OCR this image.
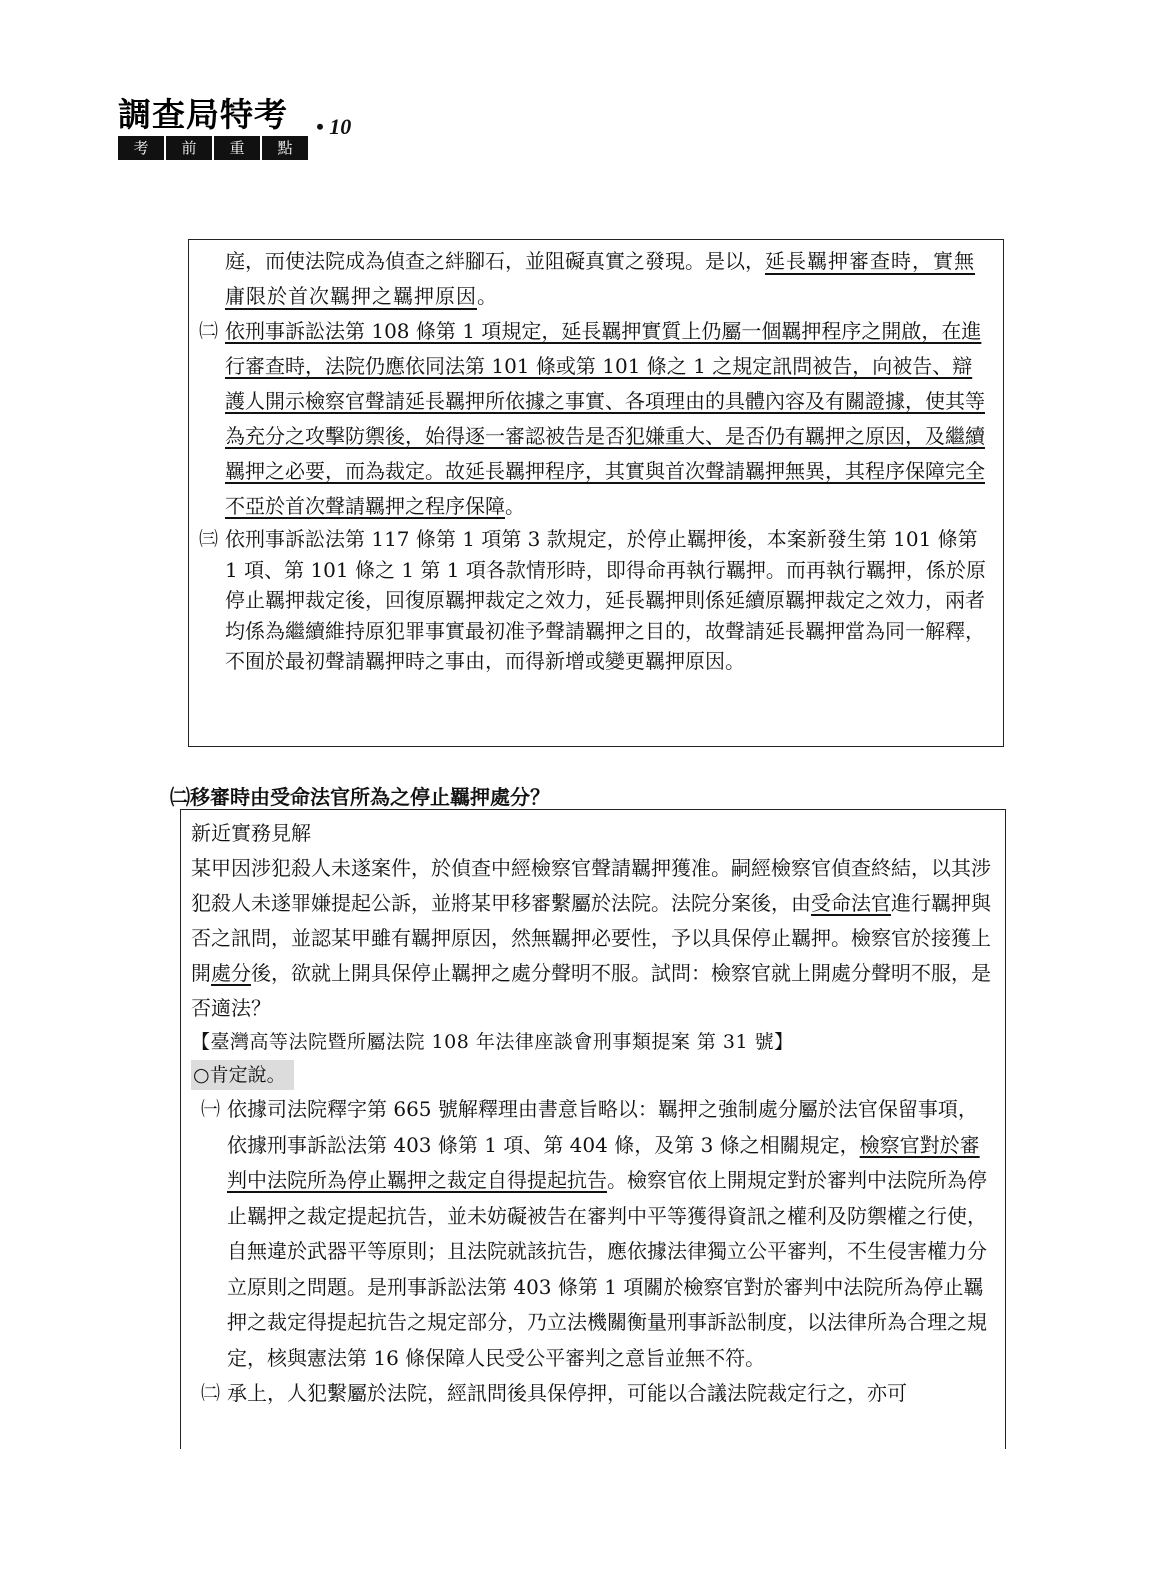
調查局特考
考	前	重	點
• 10
庭，而使法院成為偵查之絆腳石，並阻礙真實之發現。是以，延長羈押審查時，實無庸限於首次羈押之羈押原因。
㈡ 依刑事訴訟法第 108 條第 1 項規定，延長羈押實質上仍屬一個羈押程序之開啟，在進行審查時，法院仍應依同法第 101 條或第 101 條之 1 之規定訊問被告，向被告、辯護人開示檢察官聲請延長羈押所依據之事實、各項理由的具體內容及有關證據，使其等為充分之攻擊防禦後，始得逐一審認被告是否犯嫌重大、是否仍有羈押之原因，及繼續羈押之必要，而為裁定。故延長羈押程序，其實與首次聲請羈押無異，其程序保障完全不亞於首次聲請羈押之程序保障。
㈢ 依刑事訴訟法第 117 條第 1 項第 3 款規定，於停止羈押後，本案新發生第 101 條第 1 項、第 101 條之 1 第 1 項各款情形時，即得命再執行羈押。而再執行羈押，係於原停止羈押裁定後，回復原羈押裁定之效力，延長羈押則係延續原羈押裁定之效力，兩者均係為繼續維持原犯罪事實最初准予聲請羈押之目的，故聲請延長羈押當為同一解釋，不囿於最初聲請羈押時之事由，而得新增或變更羈押原因。
㈡移審時由受命法官所為之停止羈押處分？
新近實務見解
某甲因涉犯殺人未遂案件，於偵查中經檢察官聲請羈押獲准。嗣經檢察官偵查終結，以其涉犯殺人未遂罪嫌提起公訴，並將某甲移審繫屬於法院。法院分案後，由受命法官進行羈押與否之訊問，並認某甲雖有羈押原因，然無羈押必要性，予以具保停止羈押。檢察官於接獲上開處分後，欲就上開具保停止羈押之處分聲明不服。試問：檢察官就上開處分聲明不服，是否適法？
【臺灣高等法院暨所屬法院 108 年法律座談會刑事類提案 第 31 號】
○肯定說。
㈠ 依據司法院釋字第 665 號解釋理由書意旨略以：羈押之強制處分屬於法官保留事項，依據刑事訴訟法第 403 條第 1 項、第 404 條，及第 3 條之相關規定，檢察官對於審判中法院所為停止羈押之裁定自得提起抗告。檢察官依上開規定對於審判中法院所為停止羈押之裁定提起抗告，並未妨礙被告在審判中平等獲得資訊之權利及防禦權之行使，自無違於武器平等原則；且法院就該抗告，應依據法律獨立公平審判，不生侵害權力分立原則之問題。是刑事訴訟法第 403 條第 1 項關於檢察官對於審判中法院所為停止羈押之裁定得提起抗告之規定部分，乃立法機關衡量刑事訴訟制度，以法律所為合理之規定，核與憲法第 16 條保障人民受公平審判之意旨並無不符。
㈡ 承上，人犯繫屬於法院，經訊問後具保停押，可能以合議法院裁定行之，亦可
